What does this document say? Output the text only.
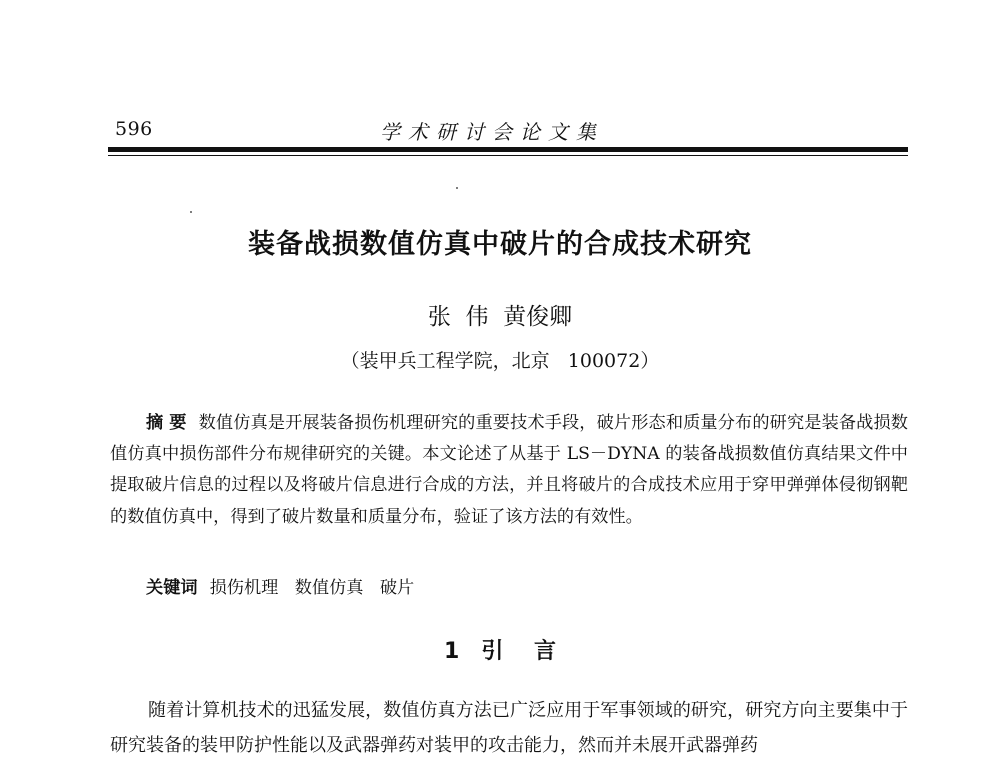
596	学术研讨会论文集
装备战损数值仿真中破片的合成技术研究
张  伟  黄俊卿
（装甲兵工程学院，北京   100072）

摘要 数值仿真是开展装备损伤机理研究的重要技术手段，破片形态和质量分布的研究是装备战损数值仿真中损伤部件分布规律研究的关键。本文论述了从基于 LS－DYNA 的装备战损数值仿真结果文件中提取破片信息的过程以及将破片信息进行合成的方法，并且将破片的合成技术应用于穿甲弹弹体侵彻钢靶的数值仿真中，得到了破片数量和质量分布，验证了该方法的有效性。

关键词 损伤机理   数值仿真   破片
1 引    言

随着计算机技术的迅猛发展，数值仿真方法已广泛应用于军事领域的研究，研究方向主要集中于研究装备的装甲防护性能以及武器弹药对装甲的攻击能力，然而并未展开武器弹药
